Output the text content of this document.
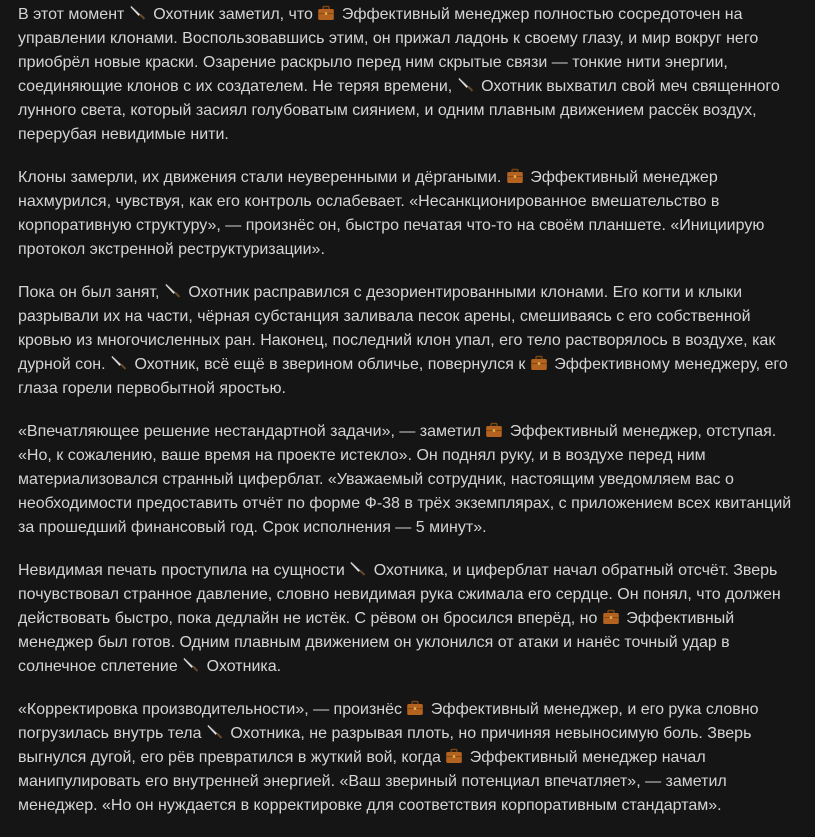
В этот момент
Охотник заметил, что
Эффективный менеджер полностью сосредоточен на управлении клонами. Воспользовавшись этим, он прижал ладонь к своему глазу, и мир вокруг него приобрёл новые краски. Озарение раскрыло перед ним скрытые связи — тонкие нити энергии, соединяющие клонов с их создателем. Не теряя времени,
Охотник выхватил свой меч священного лунного света, который засиял голубоватым сиянием, и одним плавным движением рассёк воздух, перерубая невидимые нити.

Клоны замерли, их движения стали неуверенными и дёргаными.
Эффективный менеджер нахмурился, чувствуя, как его контроль ослабевает. «Несанкционированное вмешательство в корпоративную структуру», — произнёс он, быстро печатая что-то на своём планшете. «Инициирую протокол экстренной реструктуризации».

Пока он был занят,
Охотник расправился с дезориентированными клонами. Его когти и клыки разрывали их на части, чёрная субстанция заливала песок арены, смешиваясь с его собственной кровью из многочисленных ран. Наконец, последний клон упал, его тело растворялось в воздухе, как дурной сон.
Охотник, всё ещё в зверином обличье, повернулся к
Эффективному менеджеру, его глаза горели первобытной яростью.

«Впечатляющее решение нестандартной задачи», — заметил
Эффективный менеджер, отступая. «Но, к сожалению, ваше время на проекте истекло». Он поднял руку, и в воздухе перед ним материализовался странный циферблат. «Уважаемый сотрудник, настоящим уведомляем вас о необходимости предоставить отчёт по форме Ф-38 в трёх экземплярах, с приложением всех квитанций за прошедший финансовый год. Срок исполнения — 5 минут».

Невидимая печать проступила на сущности
Охотника, и циферблат начал обратный отсчёт. Зверь почувствовал странное давление, словно невидимая рука сжимала его сердце. Он понял, что должен действовать быстро, пока дедлайн не истёк. С рёвом он бросился вперёд, но
Эффективный менеджер был готов. Одним плавным движением он уклонился от атаки и нанёс точный удар в солнечное сплетение
Охотника.

«Корректировка производительности», — произнёс
Эффективный менеджер, и его рука словно погрузилась внутрь тела
Охотника, не разрывая плоть, но причиняя невыносимую боль. Зверь выгнулся дугой, его рёв превратился в жуткий вой, когда
Эффективный менеджер начал манипулировать его внутренней энергией. «Ваш звериный потенциал впечатляет», — заметил менеджер. «Но он нуждается в корректировке для соответствия корпоративным стандартам».
